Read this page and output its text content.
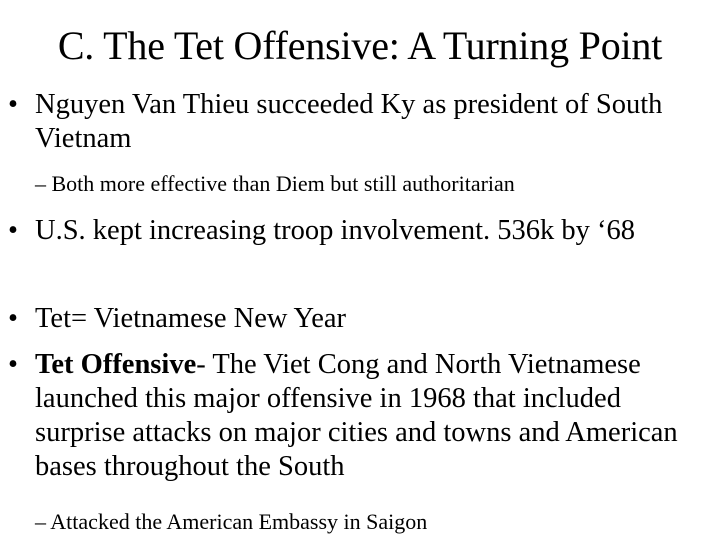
C. The Tet Offensive: A Turning Point
• Nguyen Van Thieu succeeded Ky as president of South Vietnam
– Both more effective than Diem but still authoritarian
• U.S. kept increasing troop involvement. 536k by ‘68
• Tet= Vietnamese New Year
• Tet Offensive- The Viet Cong and North Vietnamese launched this major offensive in 1968 that included surprise attacks on major cities and towns and American bases throughout the South
– Attacked the American Embassy in Saigon
